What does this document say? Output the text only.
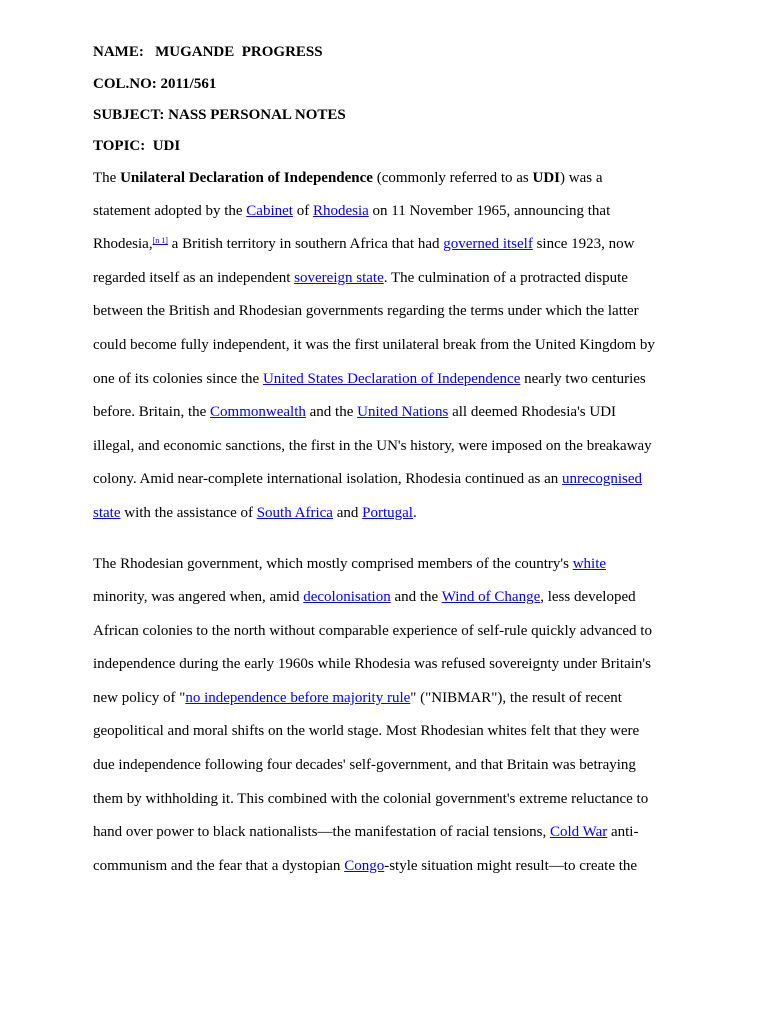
NAME:   MUGANDE  PROGRESS
COL.NO: 2011/561
SUBJECT: NASS PERSONAL NOTES
TOPIC:  UDI
The Unilateral Declaration of Independence (commonly referred to as UDI) was a
statement adopted by the Cabinet of Rhodesia on 11 November 1965, announcing that
Rhodesia,[n 1] a British territory in southern Africa that had governed itself since 1923, now
regarded itself as an independent sovereign state. The culmination of a protracted dispute
between the British and Rhodesian governments regarding the terms under which the latter
could become fully independent, it was the first unilateral break from the United Kingdom by
one of its colonies since the United States Declaration of Independence nearly two centuries
before. Britain, the Commonwealth and the United Nations all deemed Rhodesia's UDI
illegal, and economic sanctions, the first in the UN's history, were imposed on the breakaway
colony. Amid near-complete international isolation, Rhodesia continued as an unrecognised
state with the assistance of South Africa and Portugal.
The Rhodesian government, which mostly comprised members of the country's white
minority, was angered when, amid decolonisation and the Wind of Change, less developed
African colonies to the north without comparable experience of self-rule quickly advanced to
independence during the early 1960s while Rhodesia was refused sovereignty under Britain's
new policy of "no independence before majority rule" ("NIBMAR"), the result of recent
geopolitical and moral shifts on the world stage. Most Rhodesian whites felt that they were
due independence following four decades' self-government, and that Britain was betraying
them by withholding it. This combined with the colonial government's extreme reluctance to
hand over power to black nationalists—the manifestation of racial tensions, Cold War anti-
communism and the fear that a dystopian Congo-style situation might result—to create the
